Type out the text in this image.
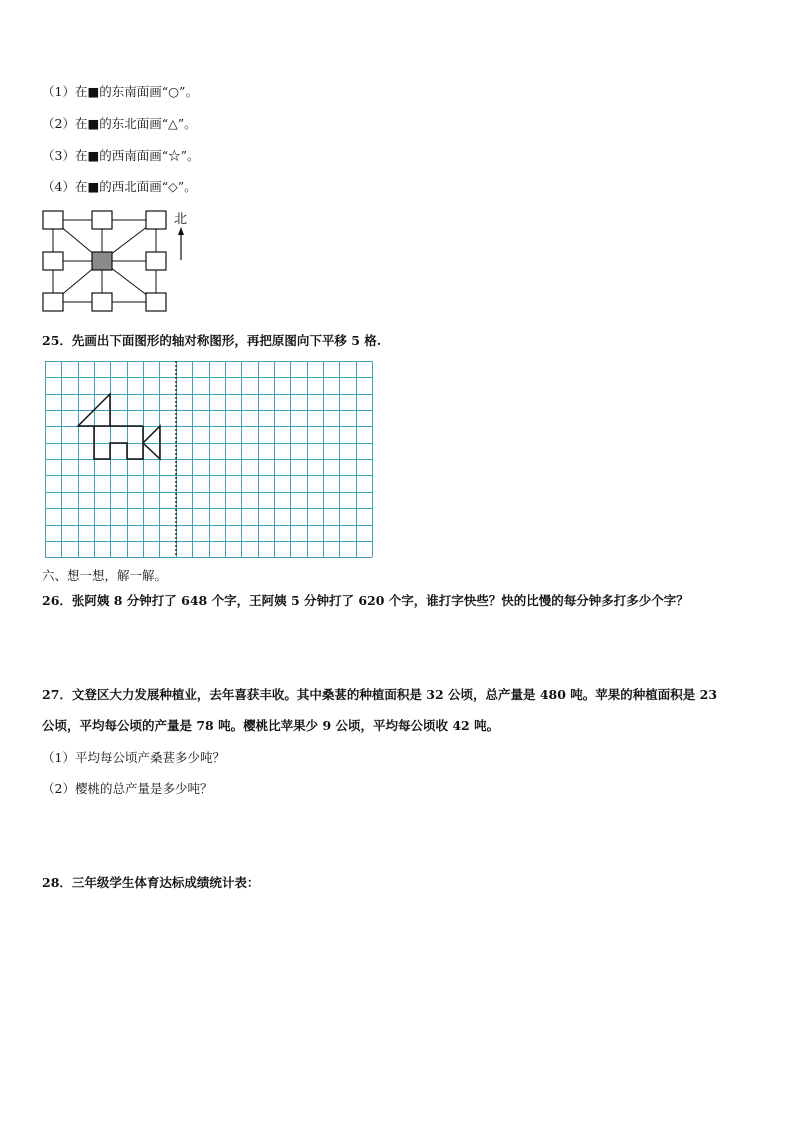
（1）在■的东南面画“○”。
（2）在■的东北面画“△”。
（3）在■的西南面画“☆”。
（4）在■的西北面画“◇”。
北
25．先画出下面图形的轴对称图形，再把原图向下平移 5 格.
六、想一想，解一解。
26．张阿姨 8 分钟打了 648 个字，王阿姨 5 分钟打了 620 个字，谁打字快些？快的比慢的每分钟多打多少个字？
27．文登区大力发展种植业，去年喜获丰收。其中桑葚的种植面积是 32 公顷，总产量是 480 吨。苹果的种植面积是 23
公顷，平均每公顷的产量是 78 吨。樱桃比苹果少 9 公顷，平均每公顷收 42 吨。
（1）平均每公顷产桑葚多少吨？
（2）樱桃的总产量是多少吨？
28．三年级学生体育达标成绩统计表：
